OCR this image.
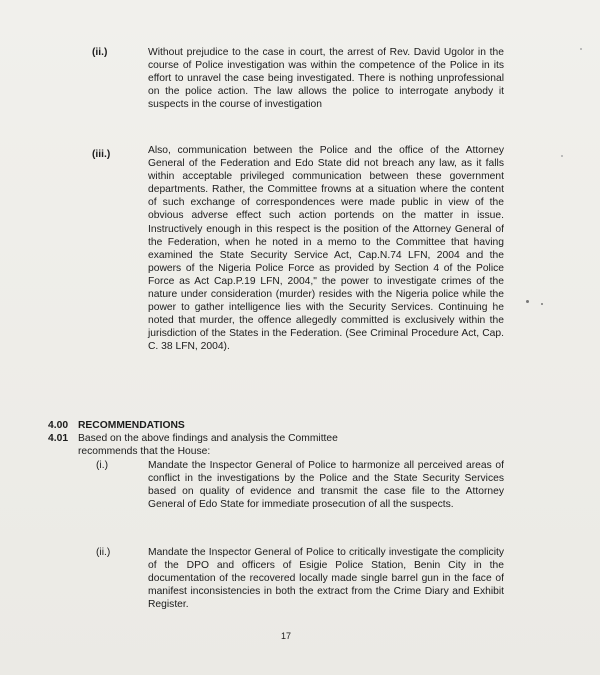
(ii.)	Without prejudice to the case in court, the arrest of Rev. David Ugolor in the course of Police investigation was within the competence of the Police in its effort to unravel the case being investigated. There is nothing unprofessional on the police action. The law allows the police to interrogate anybody it suspects in the course of investigation
(iii.)	Also, communication between the Police and the office of the Attorney General of the Federation and Edo State did not breach any law, as it falls within acceptable privileged communication between these government departments. Rather, the Committee frowns at a situation where the content of such exchange of correspondences were made public in view of the obvious adverse effect such action portends on the matter in issue. Instructively enough in this respect is the position of the Attorney General of the Federation, when he noted in a memo to the Committee that having examined the State Security Service Act, Cap.N.74 LFN, 2004 and the powers of the Nigeria Police Force as provided by Section 4 of the Police Force as Act Cap.P.19 LFN, 2004," the power to investigate crimes of the nature under consideration (murder) resides with the Nigeria police while the power to gather intelligence lies with the Security Services. Continuing he noted that murder, the offence allegedly committed is exclusively within the jurisdiction of the States in the Federation. (See Criminal Procedure Act, Cap. C. 38 LFN, 2004).
4.00 RECOMMENDATIONS
4.01 Based on the above findings and analysis the Committee recommends that the House:
(i.)	Mandate the Inspector General of Police to harmonize all perceived areas of conflict in the investigations by the Police and the State Security Services based on quality of evidence and transmit the case file to the Attorney General of Edo State for immediate prosecution of all the suspects.
(ii.)	Mandate the Inspector General of Police to critically investigate the complicity of the DPO and officers of Esigie Police Station, Benin City in the documentation of the recovered locally made single barrel gun in the face of manifest inconsistencies in both the extract from the Crime Diary and Exhibit Register.
17
